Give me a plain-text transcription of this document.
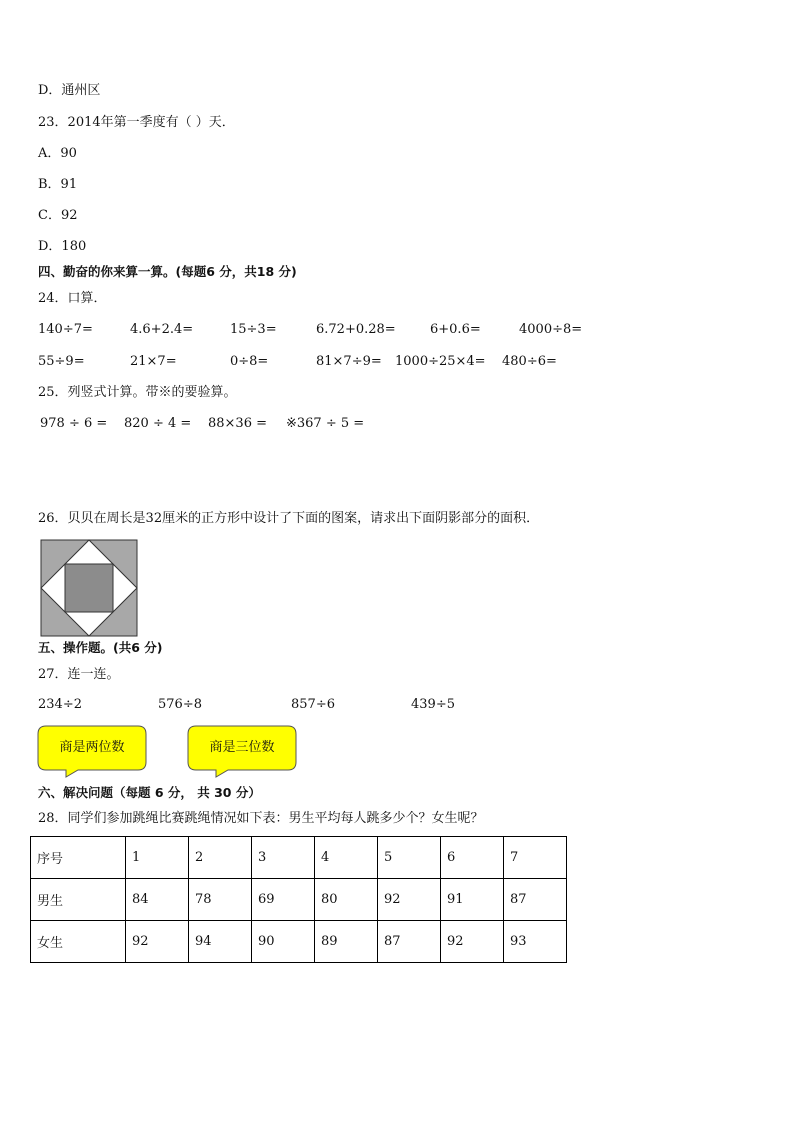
D．通州区
23．2014年第一季度有（ ）天．
A．90
B．91
C．92
D．180
四、勤奋的你来算一算。(每题6 分，共18 分)
24．口算．
140÷7=	4.6+2.4=	15÷3=	6.72+0.28=	6+0.6=	4000÷8=
55÷9=	21×7=	0÷8=	81×7÷9= 1000÷25×4= 480÷6=
25．列竖式计算。带※的要验算。
978 ÷ 6 = 820 ÷ 4 = 88×36 = ※367 ÷ 5 =
26．贝贝在周长是32厘米的正方形中设计了下面的图案，请求出下面阴影部分的面积．
五、操作题。(共6 分)
27．连一连。
234÷2	576÷8	857÷6	439÷5
商是两位数	商是三位数
六、解决问题（每题 6 分， 共 30 分）
28．同学们参加跳绳比赛跳绳情况如下表：男生平均每人跳多少个？女生呢？
序号	1	2	3	4	5	6	7
男生	84	78	69	80	92	91	87
女生	92	94	90	89	87	92	93
